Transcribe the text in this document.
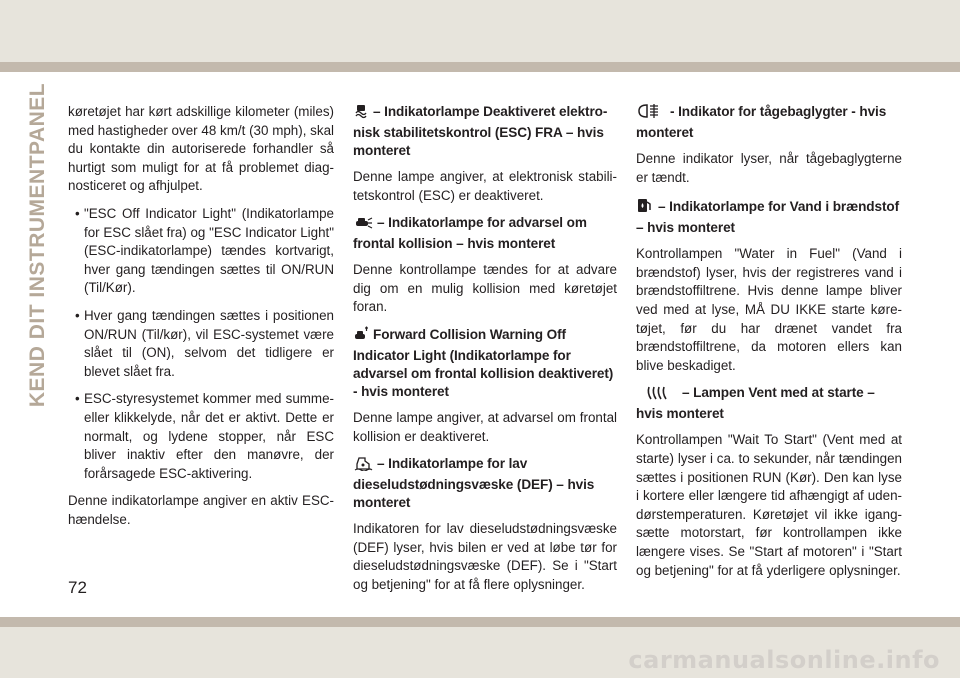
KEND DIT INSTRUMENTPANEL køretøjet har kørt adskillige kilometer (miles) med hastigheder over 48 km/t (30 mph), skal du kontakte din autoriserede forhandler så hurtigt som muligt for at få problemet diagnosticeret og afhjulpet.

• "ESC Off Indicator Light" (Indikatorlampe for ESC slået fra) og "ESC Indicator Light" (ESC-indikatorlampe) tændes kortvarigt, hver gang tændingen sættes til ON/RUN (Til/Kør).
• Hver gang tændingen sættes i positionen ON/RUN (Til/kør), vil ESC-systemet være slået til (ON), selvom det tidligere er blevet slået fra.
• ESC-styresystemet kommer med summe- eller klikkelyde, når det er aktivt. Dette er normalt, og lydene stopper, når ESC bliver inaktiv efter den manøvre, der forårsagede ESC-aktivering.

Denne indikatorlampe angiver en aktiv ESC-hændelse.

– Indikatorlampe Deaktiveret elektronisk stabilitetskontrol (ESC) FRA – hvis monteret

Denne lampe angiver, at elektronisk stabilitetskontrol (ESC) er deaktiveret.

– Indikatorlampe for advarsel om frontal kollision – hvis monteret

Denne kontrollampe tændes for at advare dig om en mulig kollision med køretøjet foran.

Forward Collision Warning Off Indicator Light (Indikatorlampe for advarsel om frontal kollision deaktiveret) - hvis monteret

Denne lampe angiver, at advarsel om frontal kollision er deaktiveret.

– Indikatorlampe for lav dieseludstødningsvæske (DEF) – hvis monteret

Indikatoren for lav dieseludstødningsvæske (DEF) lyser, hvis bilen er ved at løbe tør for dieseludstødningsvæske (DEF). Se i "Start og betjening" for at få flere oplysninger.

- Indikator for tågebaglygter - hvis monteret

Denne indikator lyser, når tågebaglygterne er tændt.

– Indikatorlampe for Vand i brændstof – hvis monteret

Kontrollampen "Water in Fuel" (Vand i brændstof) lyser, hvis der registreres vand i brændstoffiltrene. Hvis denne lampe bliver ved med at lyse, MÅ DU IKKE starte køretøjet, før du har drænet vandet fra brændstoffiltrene, da motoren ellers kan blive beskadiget.

– Lampen Vent med at starte – hvis monteret

Kontrollampen "Wait To Start" (Vent med at starte) lyser i ca. to sekunder, når tændingen sættes i positionen RUN (Kør). Den kan lyse i kortere eller længere tid afhængigt af udendørstemperaturen. Køretøjet vil ikke igangsætte motorstart, før kontrollampen ikke længere vises. Se "Start af motoren" i "Start og betjening" for at få yderligere oplysninger.

72
carmanualsonline.info
